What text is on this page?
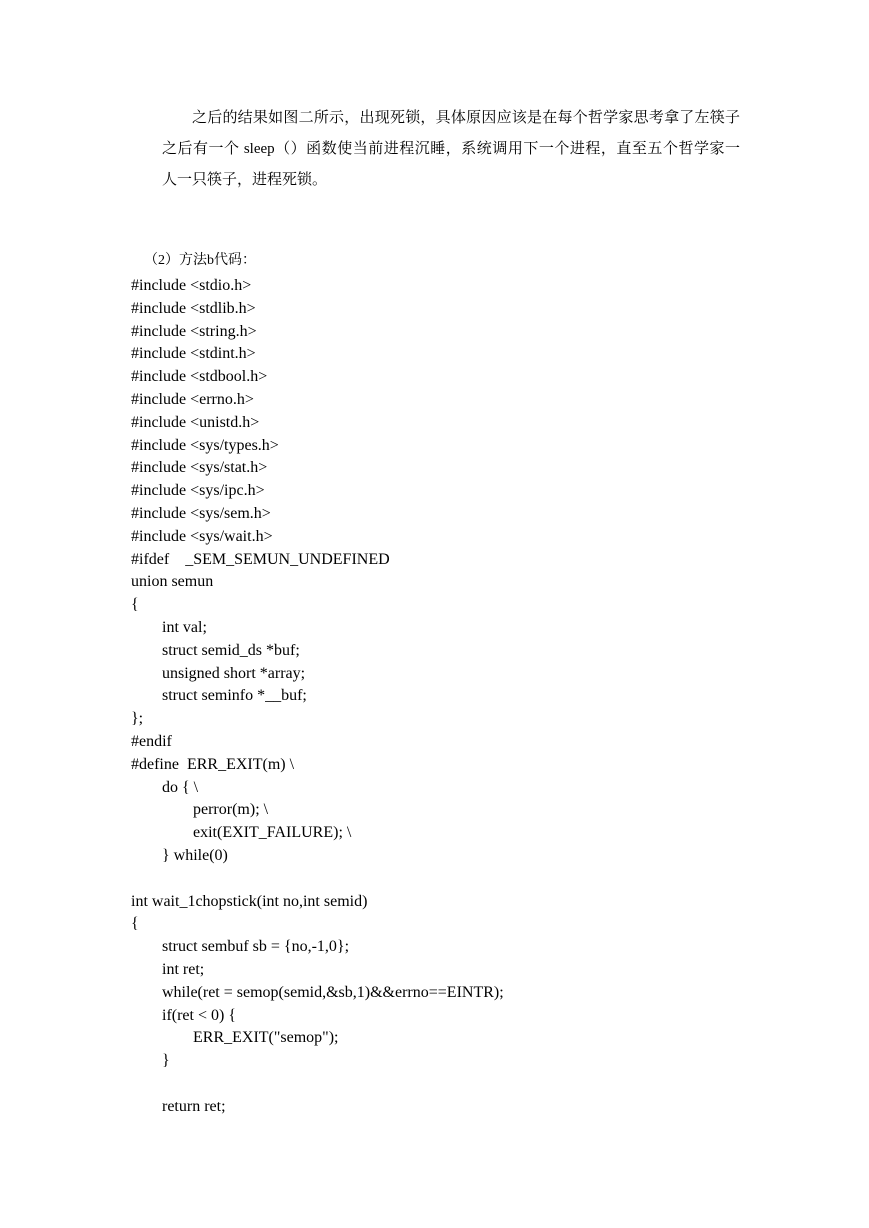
之后的结果如图二所示，出现死锁，具体原因应该是在每个哲学家思考拿了左筷子
之后有一个 sleep（）函数使当前进程沉睡，系统调用下一个进程，直至五个哲学家一
人一只筷子，进程死锁。
（2）方法b代码：
#include <stdio.h>
#include <stdlib.h>
#include <string.h>
#include <stdint.h>
#include <stdbool.h>
#include <errno.h>
#include <unistd.h>
#include <sys/types.h>
#include <sys/stat.h>
#include <sys/ipc.h>
#include <sys/sem.h>
#include <sys/wait.h>
#ifdef    _SEM_SEMUN_UNDEFINED
union semun
{
int val;
struct semid_ds *buf;
unsigned short *array;
struct seminfo *__buf;
};
#endif
#define  ERR_EXIT(m) \
do { \
perror(m); \
exit(EXIT_FAILURE); \
} while(0)
int wait_1chopstick(int no,int semid)
{
struct sembuf sb = {no,-1,0};
int ret;
while(ret = semop(semid,&sb,1)&&errno==EINTR);
if(ret < 0) {
ERR_EXIT("semop");
}
return ret;
